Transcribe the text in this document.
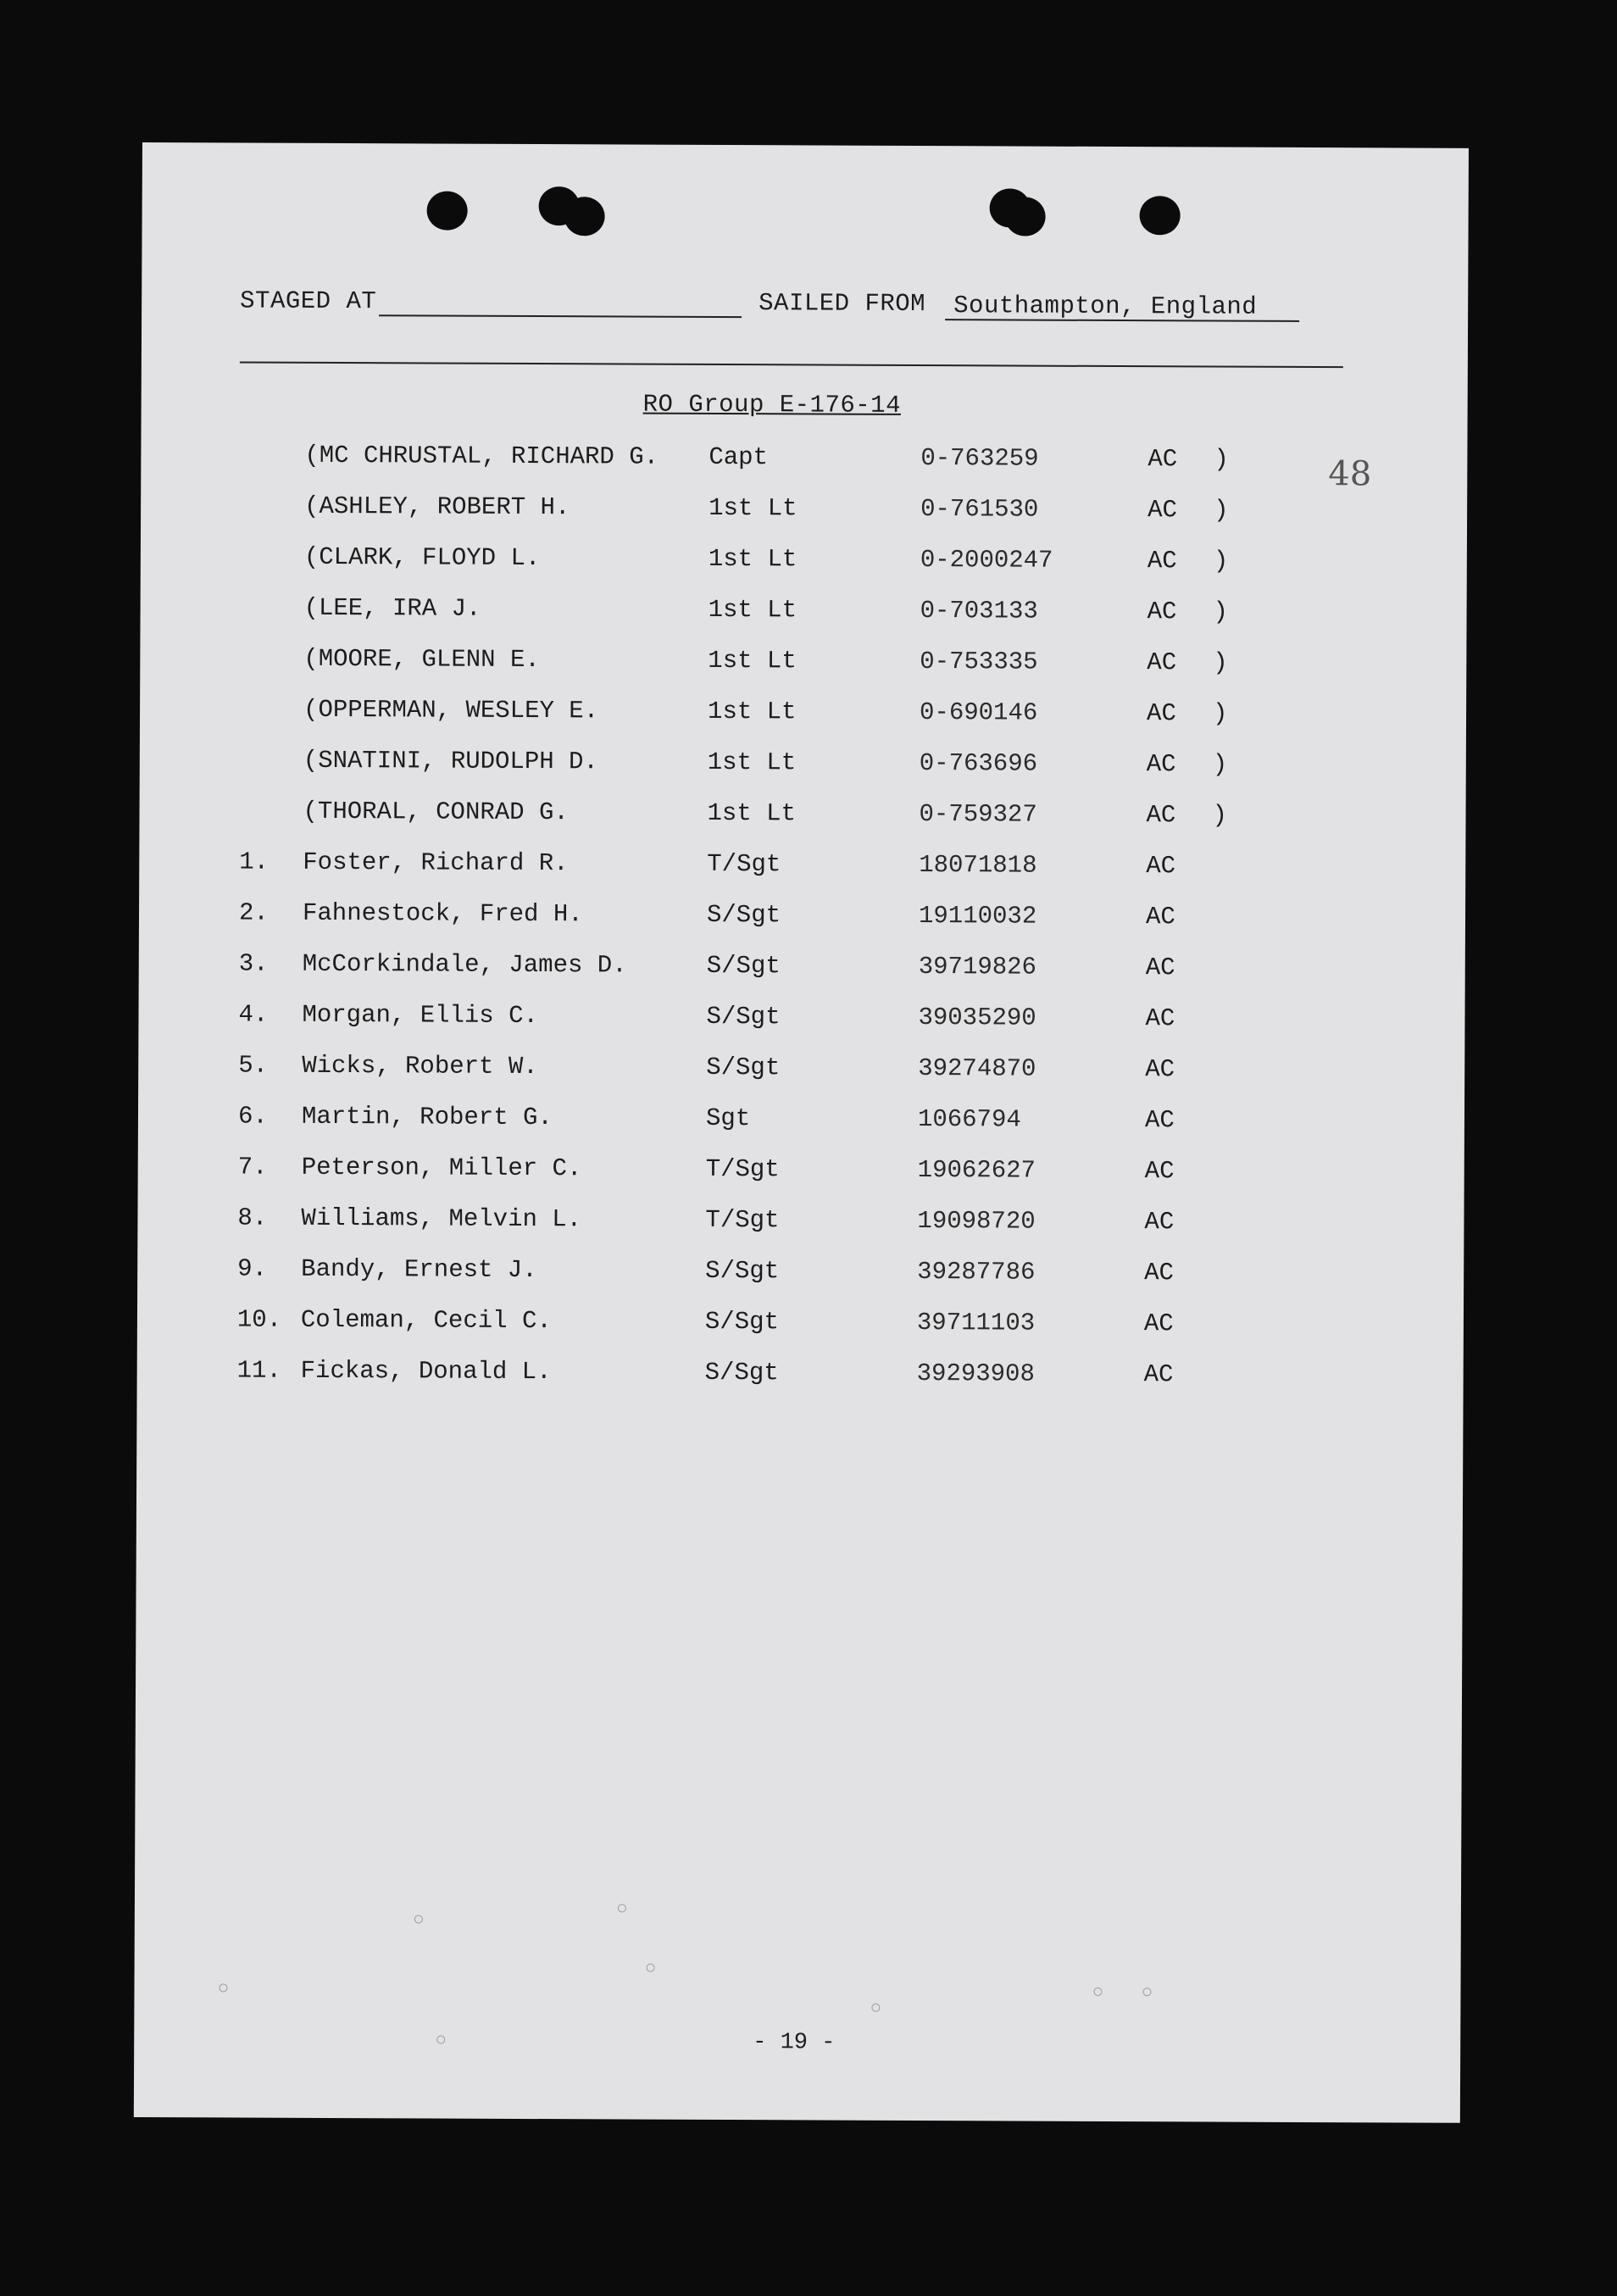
STAGED AT	SAILED FROM Southampton, England
RO Group E-176-14
48
(MC CHRUSTAL, RICHARD G. Capt	0-763259	AC )
(ASHLEY, ROBERT H.	1st Lt	0-761530	AC )
(CLARK, FLOYD L.	1st Lt	0-2000247	AC )
(LEE, IRA J.	1st Lt	0-703133	AC )
(MOORE, GLENN E.	1st Lt	0-753335	AC )
(OPPERMAN, WESLEY E.	1st Lt	0-690146	AC )
(SNATINI, RUDOLPH D.	1st Lt	0-763696	AC )
(THORAL, CONRAD G.	1st Lt	0-759327	AC )
1. Foster, Richard R.	T/Sgt	18071818	AC
2. Fahnestock, Fred H.	S/Sgt	19110032	AC
3. McCorkindale, James D.	S/Sgt	39719826	AC
4. Morgan, Ellis C.	S/Sgt	39035290	AC
5. Wicks, Robert W.	S/Sgt	39274870	AC
6. Martin, Robert G.	Sgt	1066794	AC
7. Peterson, Miller C.	T/Sgt	19062627	AC
8. Williams, Melvin L.	T/Sgt	19098720	AC
9. Bandy, Ernest J.	S/Sgt	39287786	AC
10. Coleman, Cecil C.	S/Sgt	39711103	AC
11. Fickas, Donald L.	S/Sgt	39293908	AC
- 19 -
